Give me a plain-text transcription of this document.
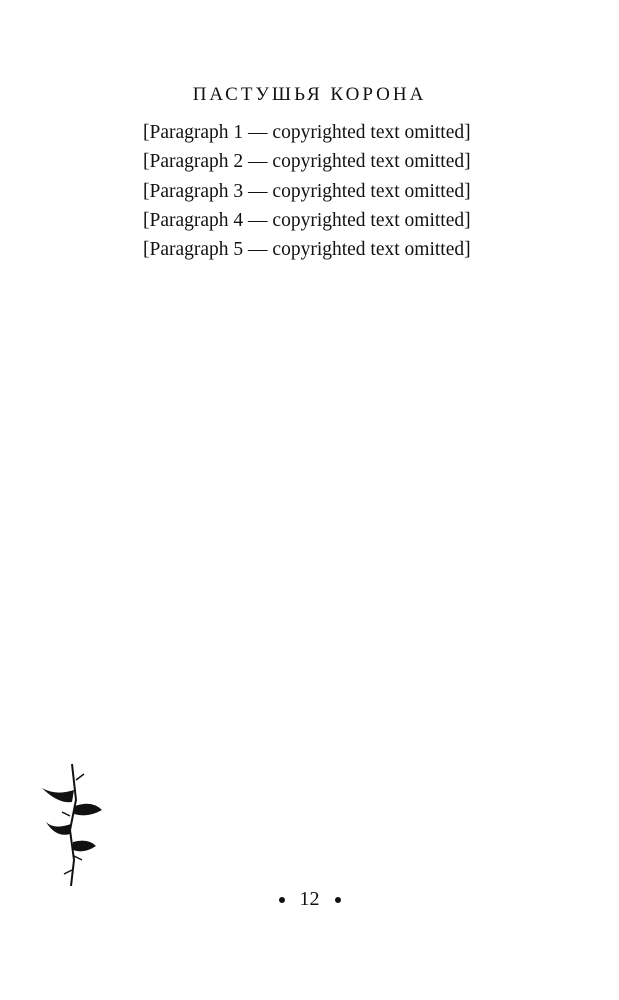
ПАСТУШЬЯ КОРОНА

[Paragraph 1 — copyrighted text omitted]

[Paragraph 2 — copyrighted text omitted]

[Paragraph 3 — copyrighted text omitted]

[Paragraph 4 — copyrighted text omitted]

[Paragraph 5 — copyrighted text omitted]

12
